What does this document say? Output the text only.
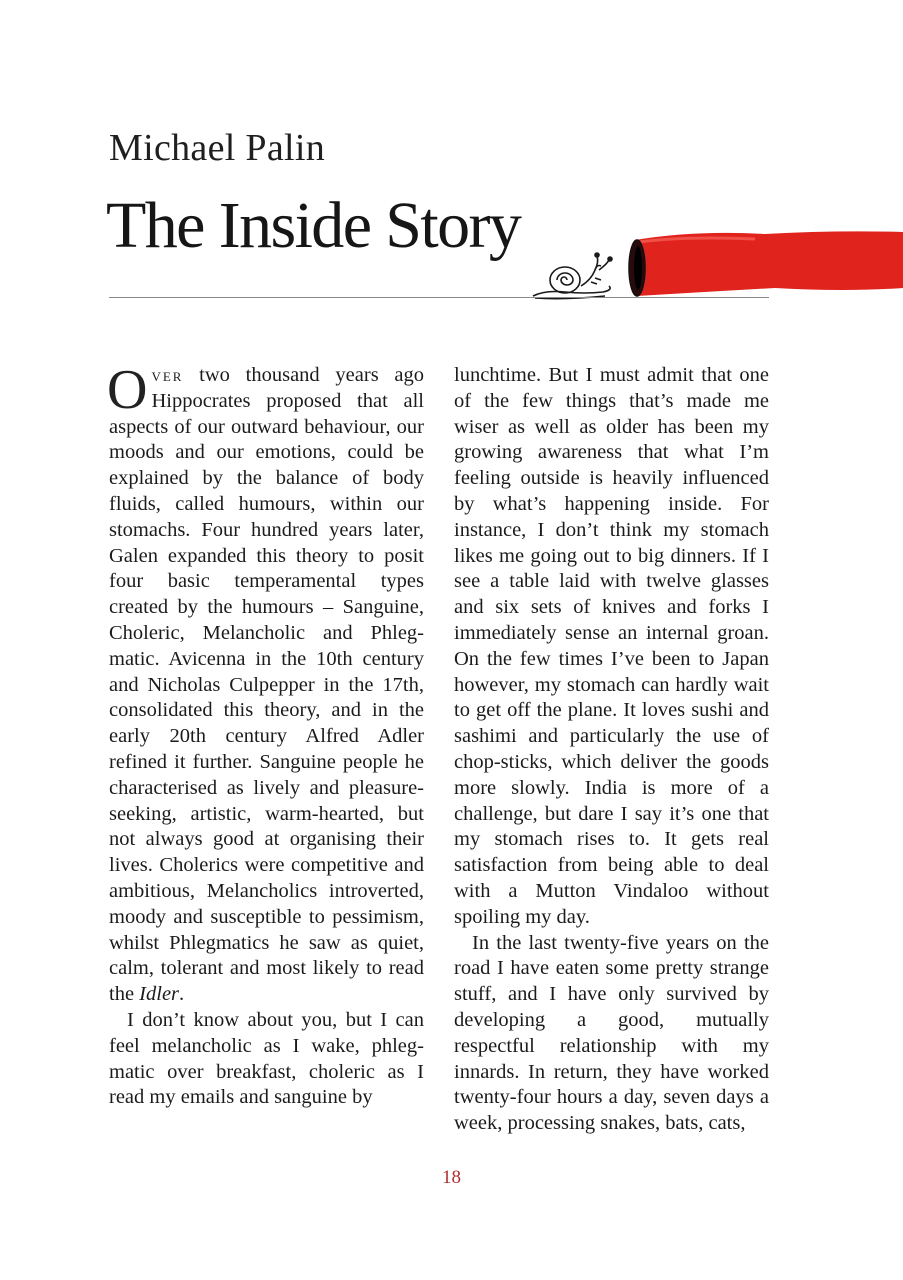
Michael Palin
The Inside Story

Over two thousand years ago Hippocrates proposed that all aspects of our outward behaviour, our moods and our emotions, could be explained by the balance of body fluids, called humours, within our stomachs. Four hundred years later, Galen expanded this theory to posit four basic temperamental types created by the humours – Sanguine, Choleric, Melancholic and Phlegmatic. Avicenna in the 10th century and Nicholas Culpepper in the 17th, consolidated this theory, and in the early 20th century Alfred Adler refined it further. Sanguine people he characterised as lively and pleasure-seeking, artistic, warm-hearted, but not always good at organising their lives. Cholerics were competitive and ambitious, Melancholics introverted, moody and susceptible to pessimism, whilst Phlegmatics he saw as quiet, calm, tolerant and most likely to read the Idler.

I don’t know about you, but I can feel melancholic as I wake, phlegmatic over breakfast, choleric as I read my emails and sanguine by

lunchtime. But I must admit that one of the few things that’s made me wiser as well as older has been my growing awareness that what I’m feeling outside is heavily influenced by what’s happening inside. For instance, I don’t think my stomach likes me going out to big dinners. If I see a table laid with twelve glasses and six sets of knives and forks I immediately sense an internal groan. On the few times I’ve been to Japan however, my stomach can hardly wait to get off the plane. It loves sushi and sashimi and particularly the use of chop-sticks, which deliver the goods more slowly. India is more of a challenge, but dare I say it’s one that my stomach rises to. It gets real satisfaction from being able to deal with a Mutton Vindaloo without spoiling my day.

In the last twenty-five years on the road I have eaten some pretty strange stuff, and I have only survived by developing a good, mutually respectful relationship with my innards. In return, they have worked twenty-four hours a day, seven days a week, processing snakes, bats, cats,

18
